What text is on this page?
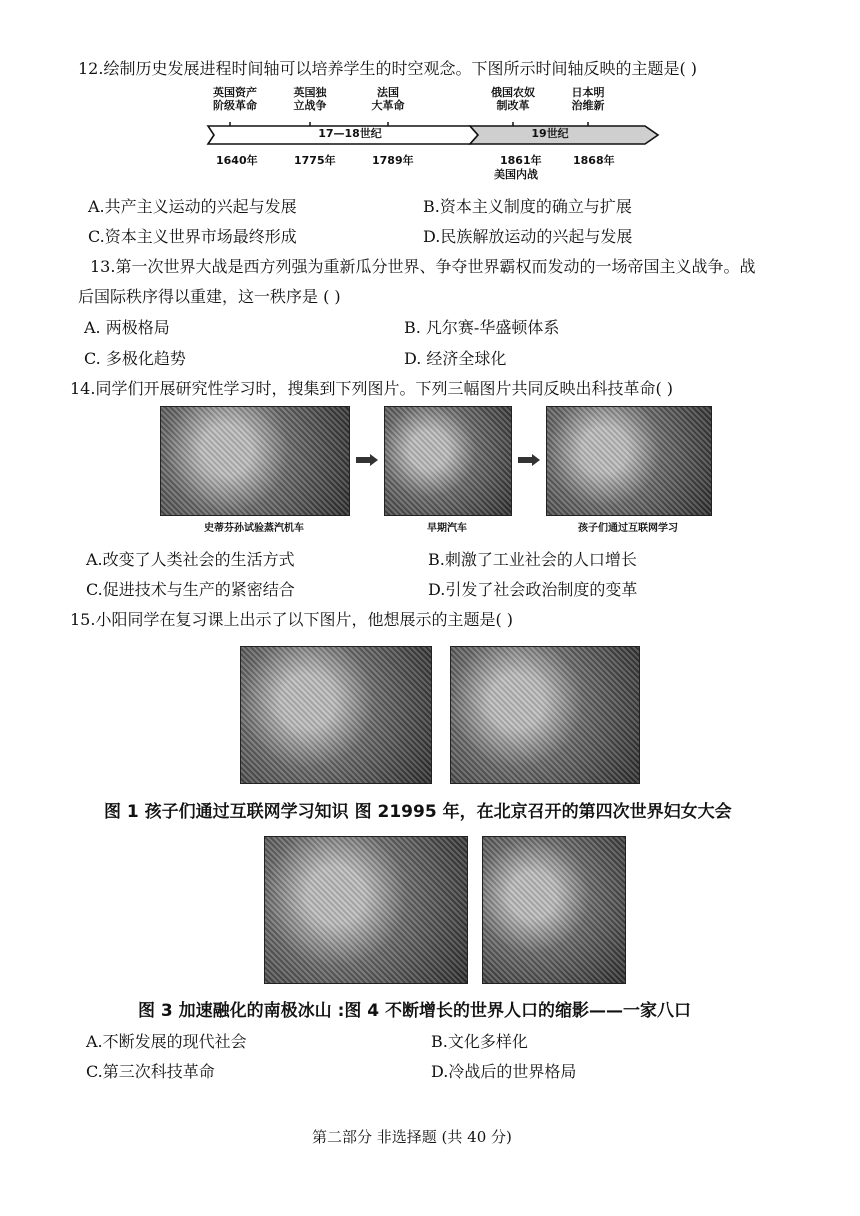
12.绘制历史发展进程时间轴可以培养学生的时空观念。下图所示时间轴反映的主题是( )
英国资产
阶级革命
英国独
立战争
法国
大革命
俄国农奴
制改革
日本明
治维新
17—18世纪	19世纪
1640年	1775年	1789年	1861年	1868年
美国内战
A.共产主义运动的兴起与发展	B.资本主义制度的确立与扩展
C.资本主义世界市场最终形成	D.民族解放运动的兴起与发展
13.第一次世界大战是西方列强为重新瓜分世界、争夺世界霸权而发动的一场帝国主义战争。战
后国际秩序得以重建，这一秩序是 ( )
A. 两极格局	B. 凡尔赛-华盛顿体系
C. 多极化趋势	D. 经济全球化
14.同学们开展研究性学习时，搜集到下列图片。下列三幅图片共同反映出科技革命( )
史蒂芬孙试验蒸汽机车	早期汽车	孩子们通过互联网学习
A.改变了人类社会的生活方式	B.刺激了工业社会的人口增长
C.促进技术与生产的紧密结合	D.引发了社会政治制度的变革
15.小阳同学在复习课上出示了以下图片，他想展示的主题是( )
图 1 孩子们通过互联网学习知识 图 21995 年，在北京召开的第四次世界妇女大会
图 3 加速融化的南极冰山 :图 4 不断增长的世界人口的缩影——一家八口
A.不断发展的现代社会	B.文化多样化
C.第三次科技革命	D.冷战后的世界格局
第二部分 非选择题 (共 40 分)
